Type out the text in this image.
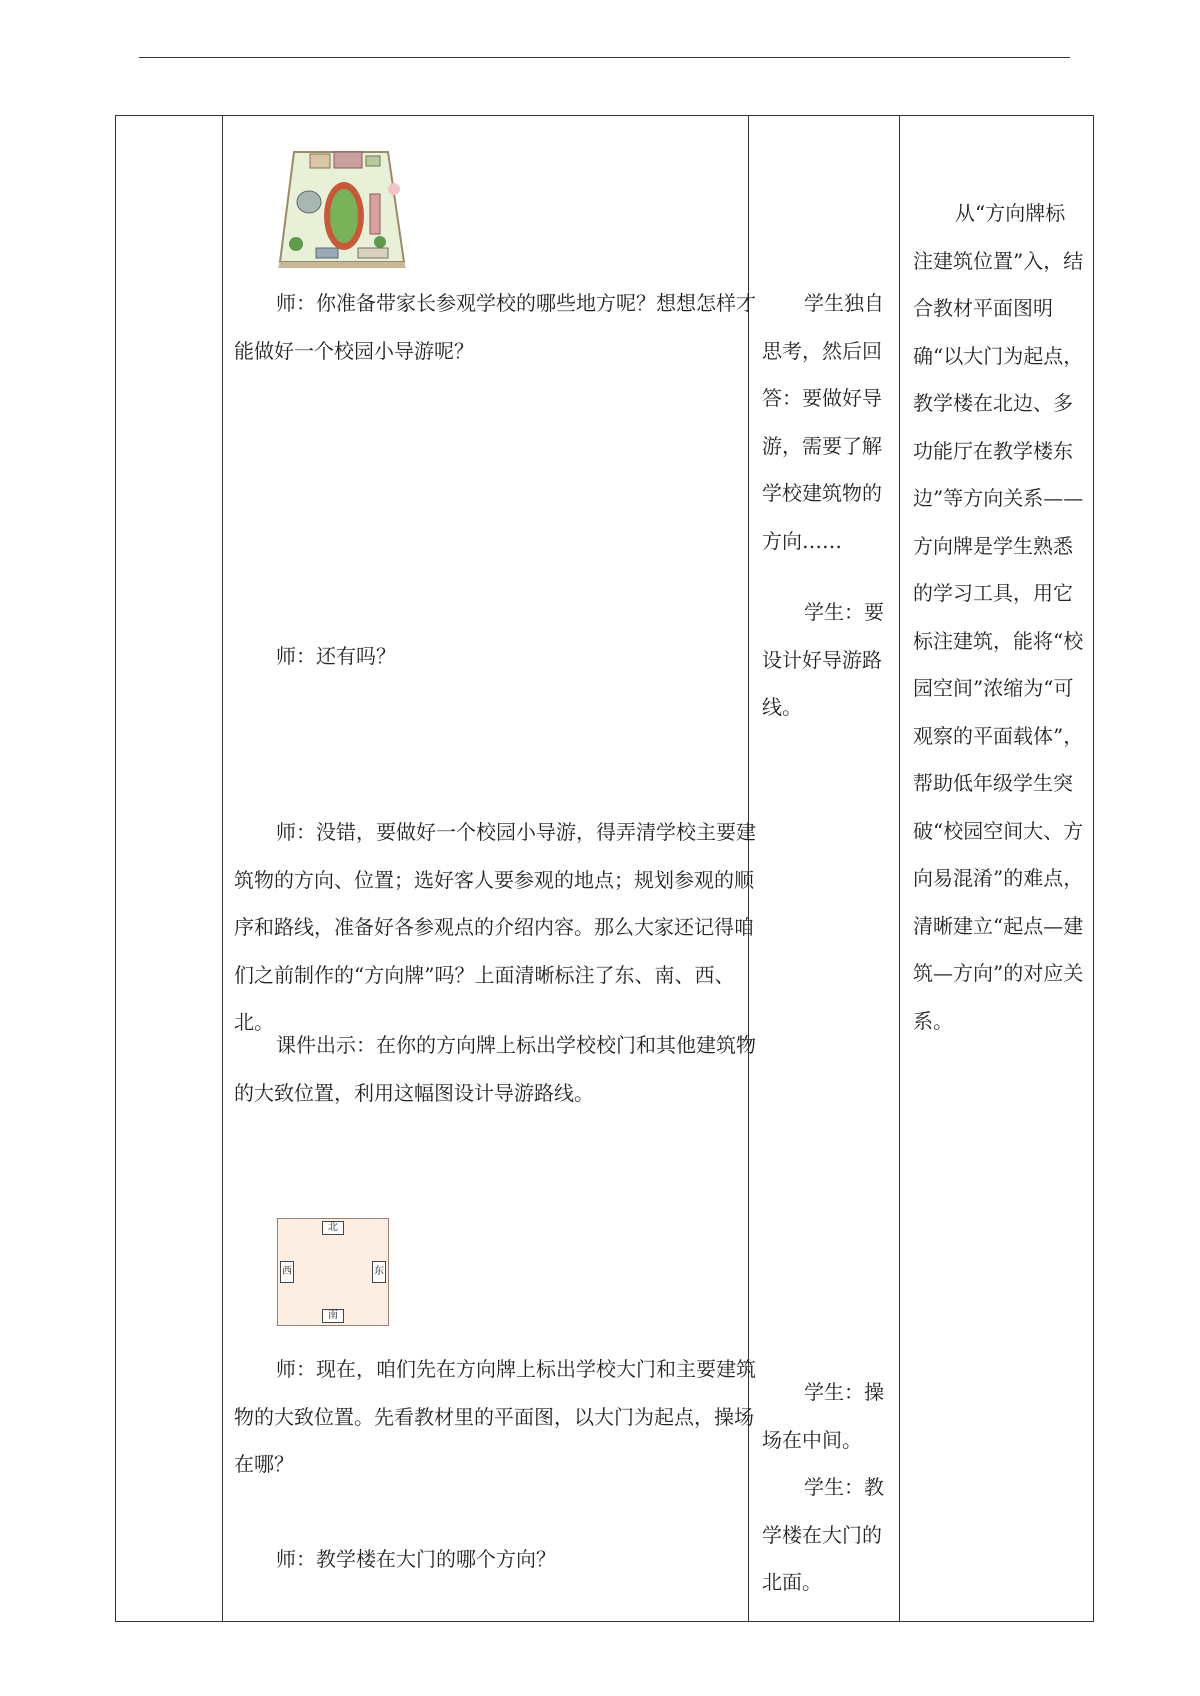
师：你准备带家长参观学校的哪些地方呢？想想怎样才能做好一个校园小导游呢？

师：还有吗？

师：没错，要做好一个校园小导游，得弄清学校主要建筑物的方向、位置；选好客人要参观的地点；规划参观的顺序和路线，准备好各参观点的介绍内容。那么大家还记得咱们之前制作的“方向牌”吗？上面清晰标注了东、南、西、北。

课件出示：在你的方向牌上标出学校校门和其他建筑物的大致位置，利用这幅图设计导游路线。

师：现在，咱们先在方向牌上标出学校大门和主要建筑物的大致位置。先看教材里的平面图，以大门为起点，操场在哪？

师：教学楼在大门的哪个方向？

学生独自思考，然后回答：要做好导游，需要了解学校建筑物的方向……

学生：要设计好导游路线。

学生：操场在中间。

学生：教学楼在大门的北面。

从“方向牌标注建筑位置”入，结合教材平面图明确“以大门为起点，教学楼在北边、多功能厅在教学楼东边”等方向关系——方向牌是学生熟悉的学习工具，用它标注建筑，能将“校园空间”浓缩为“可观察的平面载体”，帮助低年级学生突破“校园空间大、方向易混淆”的难点，清晰建立“起点—建筑—方向”的对应关系。

北
西	东
南
